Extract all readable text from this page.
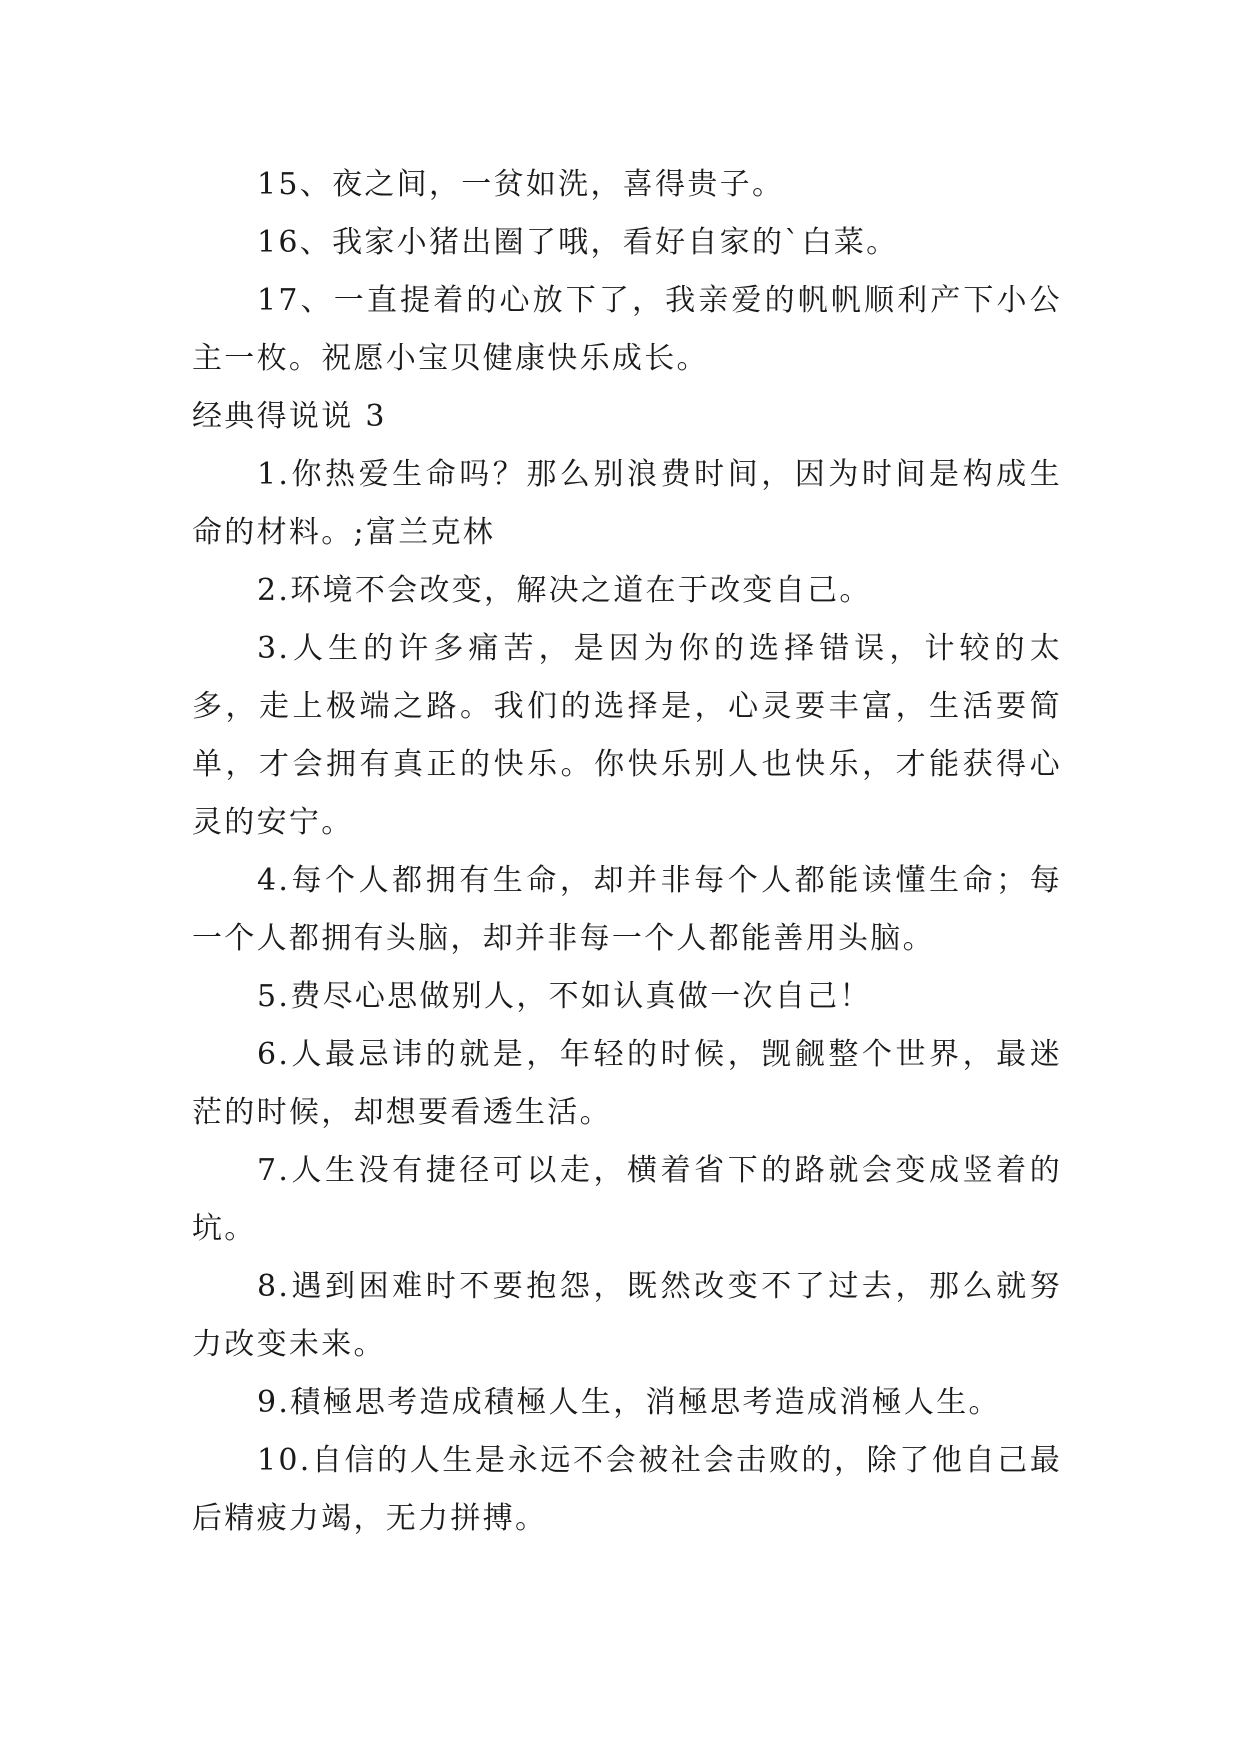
15、夜之间，一贫如洗，喜得贵子。

16、我家小猪出圈了哦，看好自家的`白菜。

17、一直提着的心放下了，我亲爱的帆帆顺利产下小公主一枚。祝愿小宝贝健康快乐成长。

经典得说说 3

1.你热爱生命吗？那么别浪费时间，因为时间是构成生命的材料。;富兰克林

2.环境不会改变，解决之道在于改变自己。

3.人生的许多痛苦，是因为你的选择错误，计较的太多，走上极端之路。我们的选择是，心灵要丰富，生活要简单，才会拥有真正的快乐。你快乐别人也快乐，才能获得心灵的安宁。

4.每个人都拥有生命，却并非每个人都能读懂生命；每一个人都拥有头脑，却并非每一个人都能善用头脑。

5.费尽心思做别人，不如认真做一次自己！

6.人最忌讳的就是，年轻的时候，觊觎整个世界，最迷茫的时候，却想要看透生活。

7.人生没有捷径可以走，横着省下的路就会变成竖着的坑。

8.遇到困难时不要抱怨，既然改变不了过去，那么就努力改变未来。

9.積極思考造成積極人生，消極思考造成消極人生。

10.自信的人生是永远不会被社会击败的，除了他自己最后精疲力竭，无力拼搏。
